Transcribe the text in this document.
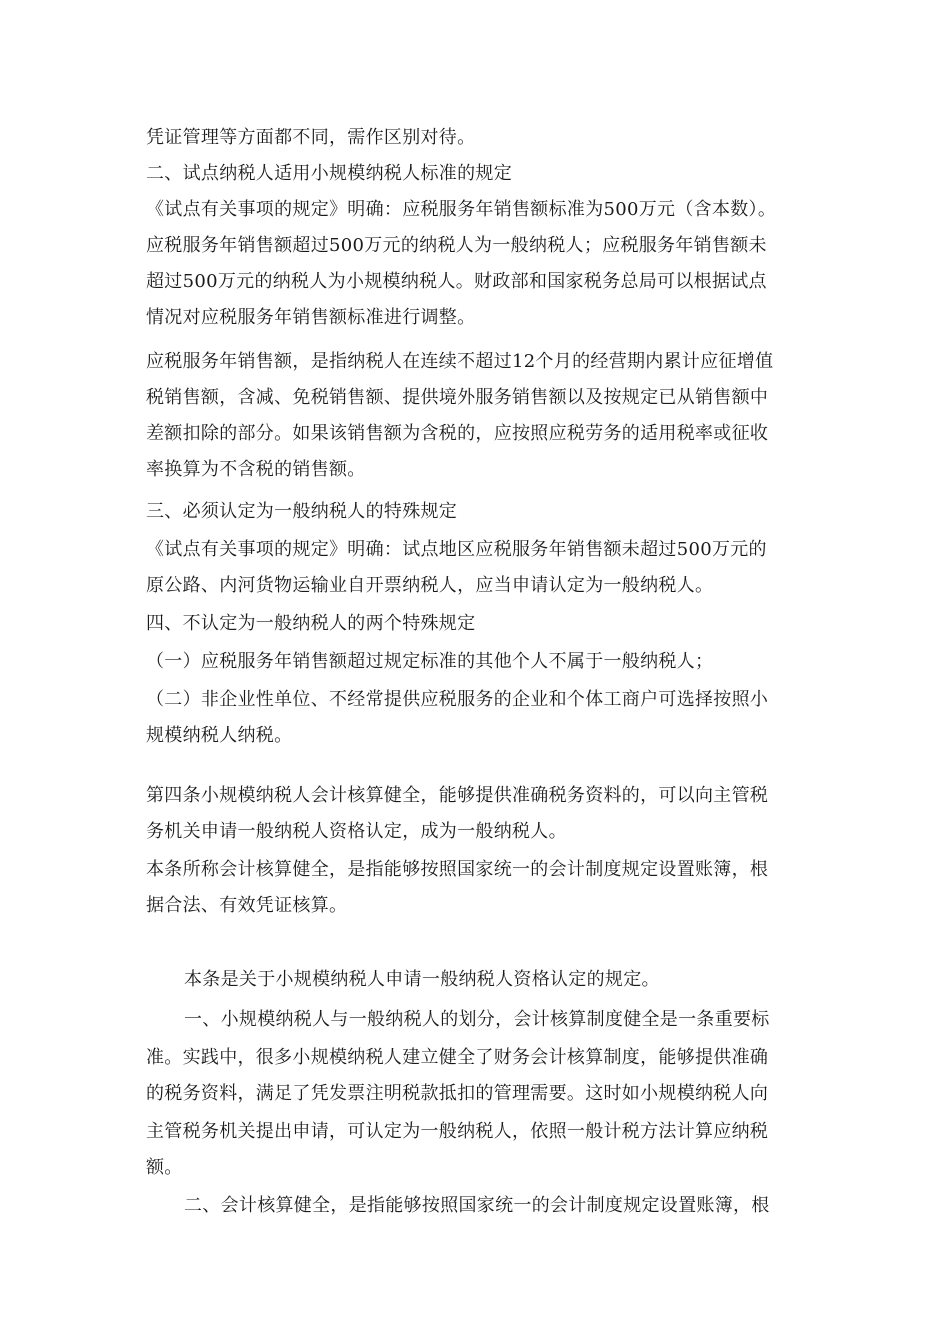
凭证管理等方面都不同，需作区别对待。
二、试点纳税人适用小规模纳税人标准的规定
《试点有关事项的规定》明确：应税服务年销售额标准为500万元（含本数）。
应税服务年销售额超过500万元的纳税人为一般纳税人；应税服务年销售额未
超过500万元的纳税人为小规模纳税人。财政部和国家税务总局可以根据试点
情况对应税服务年销售额标准进行调整。
应税服务年销售额，是指纳税人在连续不超过12个月的经营期内累计应征增值
税销售额，含减、免税销售额、提供境外服务销售额以及按规定已从销售额中
差额扣除的部分。如果该销售额为含税的，应按照应税劳务的适用税率或征收
率换算为不含税的销售额。
三、必须认定为一般纳税人的特殊规定
《试点有关事项的规定》明确：试点地区应税服务年销售额未超过500万元的
原公路、内河货物运输业自开票纳税人，应当申请认定为一般纳税人。
四、不认定为一般纳税人的两个特殊规定
（一）应税服务年销售额超过规定标准的其他个人不属于一般纳税人；
（二）非企业性单位、不经常提供应税服务的企业和个体工商户可选择按照小
规模纳税人纳税。
第四条小规模纳税人会计核算健全，能够提供准确税务资料的，可以向主管税
务机关申请一般纳税人资格认定，成为一般纳税人。
本条所称会计核算健全，是指能够按照国家统一的会计制度规定设置账簿，根
据合法、有效凭证核算。
本条是关于小规模纳税人申请一般纳税人资格认定的规定。
一、小规模纳税人与一般纳税人的划分，会计核算制度健全是一条重要标
准。实践中，很多小规模纳税人建立健全了财务会计核算制度，能够提供准确
的税务资料，满足了凭发票注明税款抵扣的管理需要。这时如小规模纳税人向
主管税务机关提出申请，可认定为一般纳税人，依照一般计税方法计算应纳税
额。
二、会计核算健全，是指能够按照国家统一的会计制度规定设置账簿，根
